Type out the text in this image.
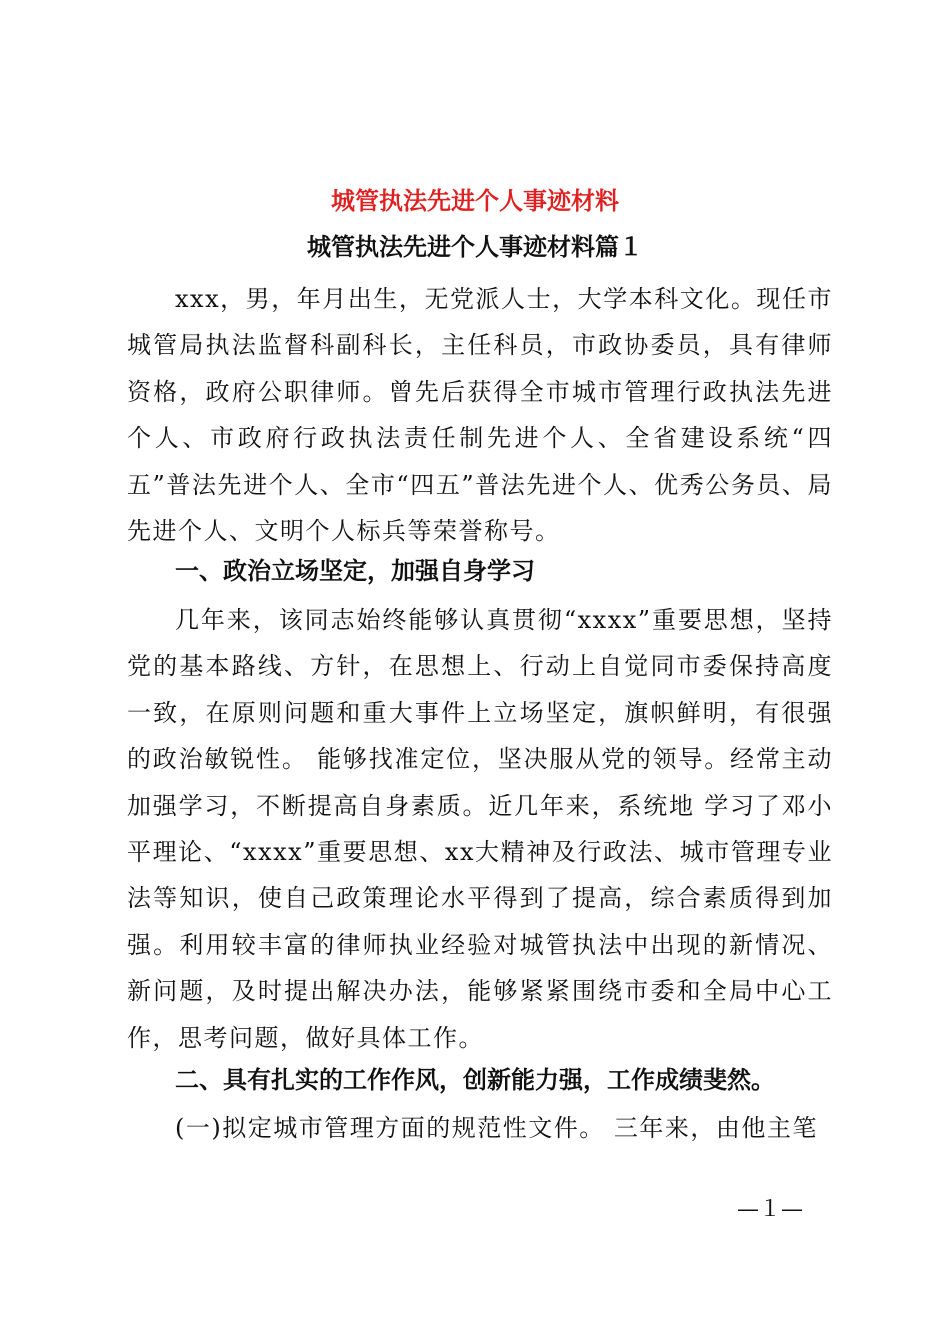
城管执法先进个人事迹材料
城管执法先进个人事迹材料篇１

xxx，男，年月出生，无党派人士，大学本科文化。现任市城管局执法监督科副科长，主任科员，市政协委员，具有律师资格，政府公职律师。曾先后获得全市城市管理行政执法先进个人、市政府行政执法责任制先进个人、全省建设系统“四五”普法先进个人、全市“四五”普法先进个人、优秀公务员、局先进个人、文明个人标兵等荣誉称号。

一、政治立场坚定，加强自身学习

几年来，该同志始终能够认真贯彻“xxxx”重要思想，坚持党的基本路线、方针，在思想上、行动上自觉同市委保持高度一致，在原则问题和重大事件上立场坚定，旗帜鲜明，有很强的政治敏锐性。 能够找准定位，坚决服从党的领导。经常主动加强学习，不断提高自身素质。近几年来，系统地 学习了邓小平理论、“xxxx”重要思想、xx大精神及行政法、城市管理专业法等知识，使自己政策理论水平得到了提高，综合素质得到加强。利用较丰富的律师执业经验对城管执法中出现的新情况、新问题，及时提出解决办法，能够紧紧围绕市委和全局中心工作，思考问题，做好具体工作。

二、具有扎实的工作作风，创新能力强，工作成绩斐然。

(一)拟定城市管理方面的规范性文件。 三年来，由他主笔

—１—
